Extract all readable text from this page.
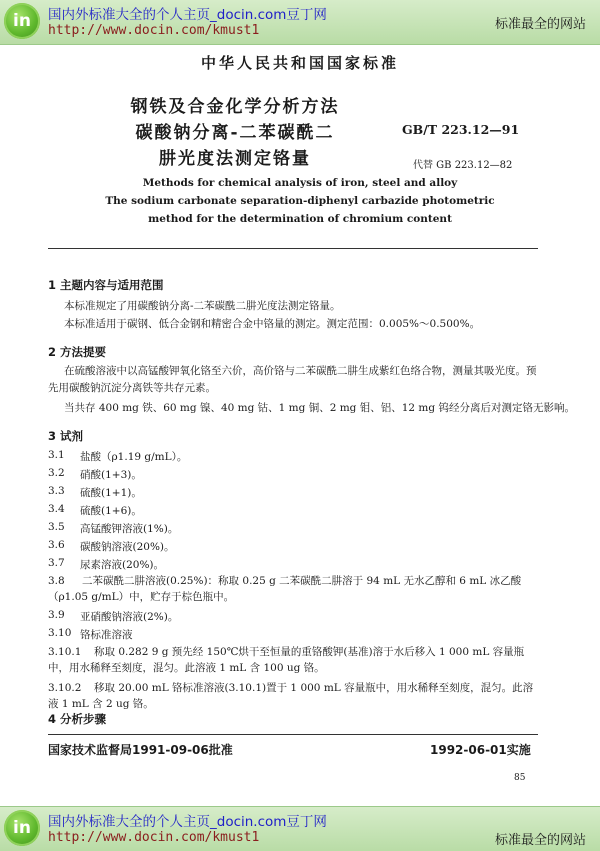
in	国内外标准大全的个人主页_docin.com豆丁网
http://www.docin.com/kmust1	标准最全的网站
中华人民共和国国家标准
钢铁及合金化学分析方法
碳酸钠分离-二苯碳酰二
肼光度法测定铬量
GB/T 223.12—91
代替 GB 223.12—82
Methods for chemical analysis of iron, steel and alloy
The sodium carbonate separation-diphenyl carbazide photometric
method for the determination of chromium content
1 主题内容与适用范围
本标准规定了用碳酸钠分离-二苯碳酰二肼光度法测定铬量。
本标准适用于碳钢、低合金钢和精密合金中铬量的测定。测定范围：0.005%～0.500%。
2 方法提要
在硫酸溶液中以高锰酸钾氧化铬至六价，高价铬与二苯碳酰二肼生成紫红色络合物，测量其吸光度。预先用碳酸钠沉淀分离铁等共存元素。
当共存 400 mg 铁、60 mg 镍、40 mg 钴、1 mg 铜、2 mg 钼、铝、12 mg 钨经分离后对测定铬无影响。
3 试剂
3.1 盐酸（ρ1.19 g/mL）。
3.2 硝酸(1+3)。
3.3 硫酸(1+1)。
3.4 硫酸(1+6)。
3.5 高锰酸钾溶液(1%)。
3.6 碳酸钠溶液(20%)。
3.7 尿素溶液(20%)。
3.8 二苯碳酰二肼溶液(0.25%)：称取 0.25 g 二苯碳酰二肼溶于 94 mL 无水乙醇和 6 mL 冰乙酸（ρ1.05 g/mL）中，贮存于棕色瓶中。
3.9 亚硝酸钠溶液(2%)。
3.10 铬标准溶液
3.10.1 称取 0.282 9 g 预先经 150℃烘干至恒量的重铬酸钾(基准)溶于水后移入 1 000 mL 容量瓶中，用水稀释至刻度，混匀。此溶液 1 mL 含 100 ug 铬。
3.10.2 移取 20.00 mL 铬标准溶液(3.10.1)置于 1 000 mL 容量瓶中，用水稀释至刻度，混匀。此溶液 1 mL 含 2 ug 铬。
4 分析步骤
国家技术监督局1991-09-06批准	1992-06-01实施
85
in	国内外标准大全的个人主页_docin.com豆丁网
http://www.docin.com/kmust1	标准最全的网站
